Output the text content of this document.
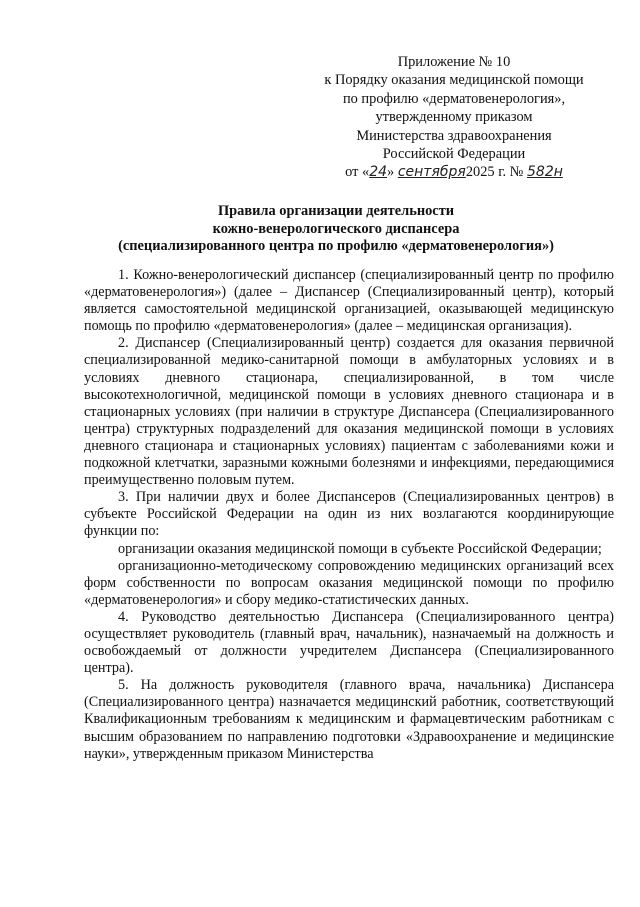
Приложение № 10
к Порядку оказания медицинской помощи
по профилю «дерматовенерология»,
утвержденному приказом
Министерства здравоохранения
Российской Федерации
от «24» сентября2025 г. № 582н
Правила организации деятельности
кожно-венерологического диспансера
(специализированного центра по профилю «дерматовенерология»)

1. Кожно-венерологический диспансер (специализированный центр по профилю «дерматовенерология») (далее – Диспансер (Специализированный центр), который является самостоятельной медицинской организацией, оказывающей медицинскую помощь по профилю «дерматовенерология» (далее – медицинская организация).

2. Диспансер (Специализированный центр) создается для оказания первичной специализированной медико-санитарной помощи в амбулаторных условиях и в условиях дневного стационара, специализированной, в том числе высокотехнологичной, медицинской помощи в условиях дневного стационара и в стационарных условиях (при наличии в структуре Диспансера (Специализированного центра) структурных подразделений для оказания медицинской помощи в условиях дневного стационара и стационарных условиях) пациентам с заболеваниями кожи и подкожной клетчатки, заразными кожными болезнями и инфекциями, передающимися преимущественно половым путем.

3. При наличии двух и более Диспансеров (Специализированных центров) в субъекте Российской Федерации на один из них возлагаются координирующие функции по:

организации оказания медицинской помощи в субъекте Российской Федерации;

организационно-методическому сопровождению медицинских организаций всех форм собственности по вопросам оказания медицинской помощи по профилю «дерматовенерология» и сбору медико-статистических данных.

4. Руководство деятельностью Диспансера (Специализированного центра) осуществляет руководитель (главный врач, начальник), назначаемый на должность и освобождаемый от должности учредителем Диспансера (Специализированного центра).

5. На должность руководителя (главного врача, начальника) Диспансера (Специализированного центра) назначается медицинский работник, соответствующий Квалификационным требованиям к медицинским и фармацевтическим работникам с высшим образованием по направлению подготовки «Здравоохранение и медицинские науки», утвержденным приказом Министерства
